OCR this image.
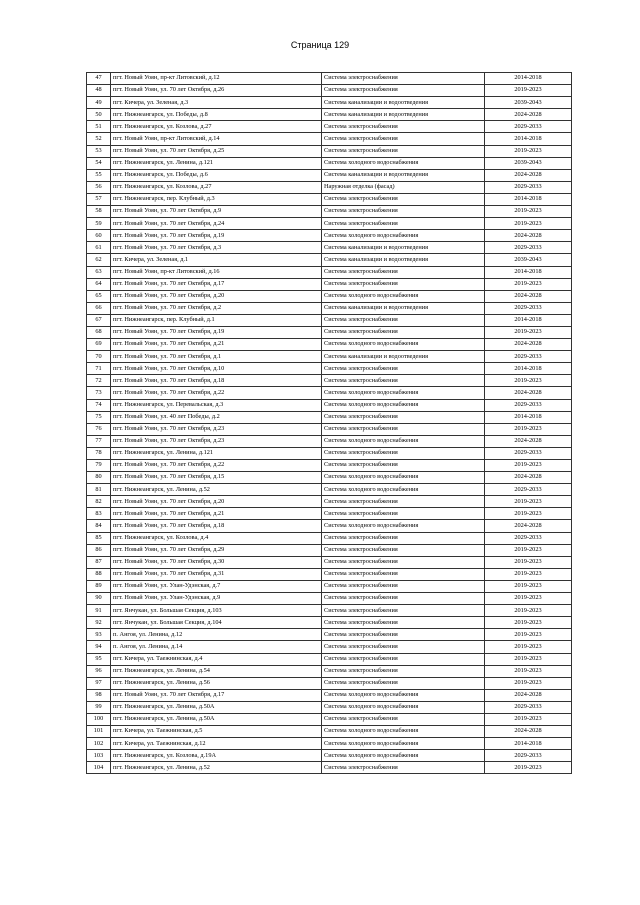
Страница 129
47	пгт. Новый Уоян, пр-кт Литовский, д.12	Система электроснабжения	2014-2018
48	пгт. Новый Уоян, ул. 70 лет Октября, д.26	Система электроснабжения	2019-2023
49	пгт. Кичера, ул. Зеленая, д.3	Система канализации и водоотведения	2039-2043
50	пгт. Нижнеангарск, ул. Победы, д.8	Система канализации и водоотведения	2024-2028
51	пгт. Нижнеангарск, ул. Козлова, д.27	Система электроснабжения	2029-2033
52	пгт. Новый Уоян, пр-кт Литовский, д.14	Система электроснабжения	2014-2018
53	пгт. Новый Уоян, ул. 70 лет Октября, д.25	Система электроснабжения	2019-2023
54	пгт. Нижнеангарск, ул. Ленина, д.121	Система холодного водоснабжения	2039-2043
55	пгт. Нижнеангарск, ул. Победы, д.6	Система канализации и водоотведения	2024-2028
56	пгт. Нижнеангарск, ул. Козлова, д.27	Наружная отделка (фасад)	2029-2033
57	пгт. Нижнеангарск, пер. Клубный, д.3	Система электроснабжения	2014-2018
58	пгт. Новый Уоян, ул. 70 лет Октября, д.9	Система электроснабжения	2019-2023
59	пгт. Новый Уоян, ул. 70 лет Октября, д.24	Система электроснабжения	2019-2023
60	пгт. Новый Уоян, ул. 70 лет Октября, д.19	Система холодного водоснабжения	2024-2028
61	пгт. Новый Уоян, ул. 70 лет Октября, д.3	Система канализации и водоотведения	2029-2033
62	пгт. Кичера, ул. Зеленая, д.1	Система канализации и водоотведения	2039-2043
63	пгт. Новый Уоян, пр-кт Литовский, д.16	Система электроснабжения	2014-2018
64	пгт. Новый Уоян, ул. 70 лет Октября, д.17	Система электроснабжения	2019-2023
65	пгт. Новый Уоян, ул. 70 лет Октября, д.20	Система холодного водоснабжения	2024-2028
66	пгт. Новый Уоян, ул. 70 лет Октября, д.2	Система канализации и водоотведения	2029-2033
67	пгт. Нижнеангарск, пер. Клубный, д.1	Система электроснабжения	2014-2018
68	пгт. Новый Уоян, ул. 70 лет Октября, д.19	Система электроснабжения	2019-2023
69	пгт. Новый Уоян, ул. 70 лет Октября, д.21	Система холодного водоснабжения	2024-2028
70	пгт. Новый Уоян, ул. 70 лет Октября, д.1	Система канализации и водоотведения	2029-2033
71	пгт. Новый Уоян, ул. 70 лет Октября, д.10	Система электроснабжения	2014-2018
72	пгт. Новый Уоян, ул. 70 лет Октября, д.18	Система электроснабжения	2019-2023
73	пгт. Новый Уоян, ул. 70 лет Октября, д.22	Система холодного водоснабжения	2024-2028
74	пгт. Нижнеангарск, ул. Перевальская, д.3	Система холодного водоснабжения	2029-2033
75	пгт. Новый Уоян, ул. 40 лет Победы, д.2	Система электроснабжения	2014-2018
76	пгт. Новый Уоян, ул. 70 лет Октября, д.23	Система электроснабжения	2019-2023
77	пгт. Новый Уоян, ул. 70 лет Октября, д.23	Система холодного водоснабжения	2024-2028
78	пгт. Нижнеангарск, ул. Ленина, д.121	Система электроснабжения	2029-2033
79	пгт. Новый Уоян, ул. 70 лет Октября, д.22	Система электроснабжения	2019-2023
80	пгт. Новый Уоян, ул. 70 лет Октября, д.15	Система холодного водоснабжения	2024-2028
81	пгт. Нижнеангарск, ул. Ленина, д.52	Система холодного водоснабжения	2029-2033
82	пгт. Новый Уоян, ул. 70 лет Октября, д.20	Система электроснабжения	2019-2023
83	пгт. Новый Уоян, ул. 70 лет Октября, д.21	Система электроснабжения	2019-2023
84	пгт. Новый Уоян, ул. 70 лет Октября, д.18	Система холодного водоснабжения	2024-2028
85	пгт. Нижнеангарск, ул. Козлова, д.4	Система электроснабжения	2029-2033
86	пгт. Новый Уоян, ул. 70 лет Октября, д.29	Система электроснабжения	2019-2023
87	пгт. Новый Уоян, ул. 70 лет Октября, д.30	Система электроснабжения	2019-2023
88	пгт. Новый Уоян, ул. 70 лет Октября, д.31	Система электроснабжения	2019-2023
89	пгт. Новый Уоян, ул. Улан-Удэнская, д.7	Система электроснабжения	2019-2023
90	пгт. Новый Уоян, ул. Улан-Удэнская, д.9	Система электроснабжения	2019-2023
91	пгт. Янчукан, ул. Большая Секция, д.103	Система электроснабжения	2019-2023
92	пгт. Янчукан, ул. Большая Секция, д.104	Система электроснабжения	2019-2023
93	п. Ангоя, ул. Ленина, д.12	Система электроснабжения	2019-2023
94	п. Ангоя, ул. Ленина, д.14	Система электроснабжения	2019-2023
95	пгт. Кичера, ул. Таежнинская, д.4	Система электроснабжения	2019-2023
96	пгт. Нижнеангарск, ул. Ленина, д.54	Система электроснабжения	2019-2023
97	пгт. Нижнеангарск, ул. Ленина, д.56	Система электроснабжения	2019-2023
98	пгт. Новый Уоян, ул. 70 лет Октября, д.17	Система холодного водоснабжения	2024-2028
99	пгт. Нижнеангарск, ул. Ленина, д.50А	Система холодного водоснабжения	2029-2033
100	пгт. Нижнеангарск, ул. Ленина, д.50А	Система электроснабжения	2019-2023
101	пгт. Кичера, ул. Таежнинская, д.5	Система холодного водоснабжения	2024-2028
102	пгт. Кичера, ул. Таежнинская, д.12	Система холодного водоснабжения	2014-2018
103	пгт. Нижнеангарск, ул. Козлова, д.19А	Система холодного водоснабжения	2029-2033
104	пгт. Нижнеангарск, ул. Ленина, д.52	Система электроснабжения	2019-2023
